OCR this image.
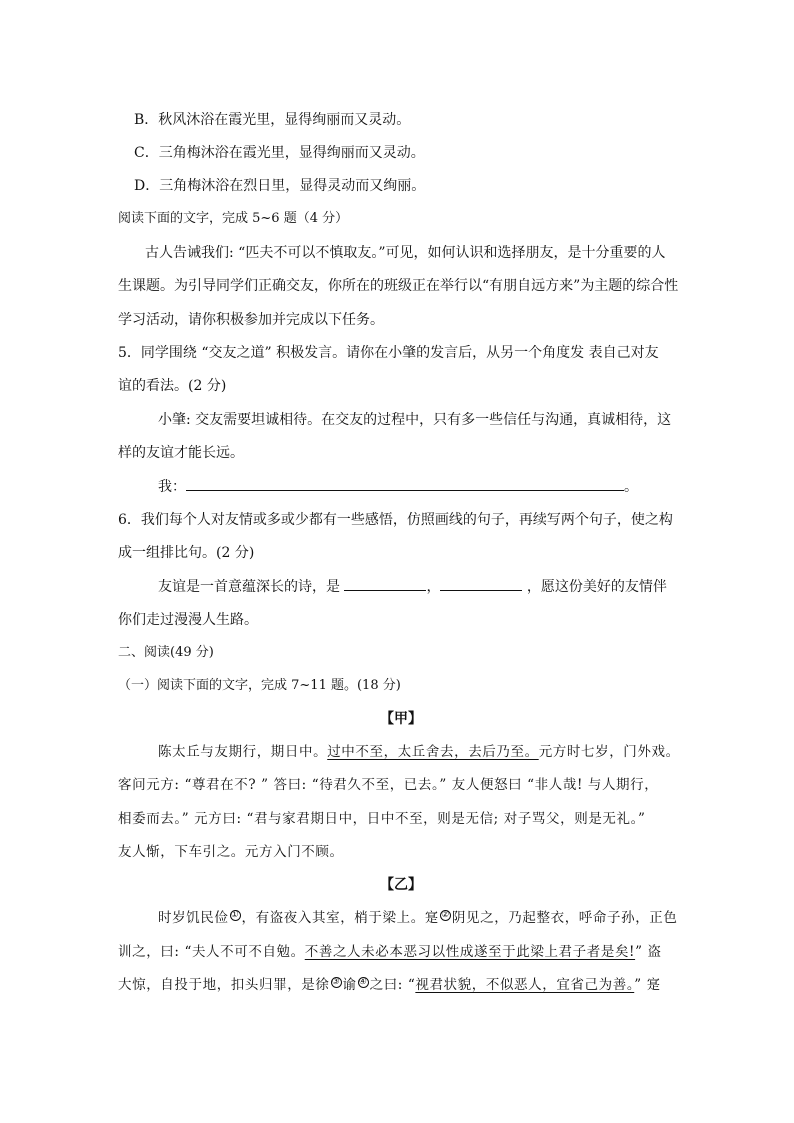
B．秋风沐浴在霞光里，显得绚丽而又灵动。
C．三角梅沐浴在霞光里，显得绚丽而又灵动。
D．三角梅沐浴在烈日里，显得灵动而又绚丽。
阅读下面的文字，完成 5~6 题（4 分）
古人告诫我们: “匹夫不可以不慎取友。”可见，如何认识和选择朋友，是十分重要的人
生课题。为引导同学们正确交友，你所在的班级正在举行以“有朋自远方来”为主题的综合性
学习活动，请你积极参加并完成以下任务。
5．同学围绕 “交友之道” 积极发言。请你在小肇的发言后，从另一个角度发 表自己对友
谊的看法。(2 分)
小肇: 交友需要坦诚相待。在交友的过程中，只有多一些信任与沟通，真诚相待，这
样的友谊才能长远。
我：	。
6．我们每个人对友情或多或少都有一些感悟，仿照画线的句子，再续写两个句子，使之构
成一组排比句。(2 分)
友谊是一首意蕴深长的诗，是	，	，愿这份美好的友情伴
你们走过漫漫人生路。
二、阅读(49 分)
（一）阅读下面的文字，完成 7~11 题。(18 分)
【甲】
陈太丘与友期行，期日中。过中不至，太丘舍去，去后乃至。元方时七岁，门外戏。
客问元方: “尊君在不? ” 答曰: “待君久不至，已去。” 友人便怒曰 “非人哉! 与人期行，
相委而去。” 元方曰: “君与家君期日中，日中不至，则是无信; 对子骂父，则是无礼。”
友人惭，下车引之。元方入门不顾。
【乙】
时岁饥民俭 ① ，有盗夜入其室，梢于梁上。寔 ② 阴见之，乃起整衣，呼命子孙，正色
训之，曰: “夫人不可不自勉。不善之人未必本恶习以性成遂至于此梁上君子者是矣!” 盗
大惊，自投于地，扣头归罪，是徐 ③ 谕 ④ 之曰: “视君状貌，不似恶人，宜省己为善。” 寔
